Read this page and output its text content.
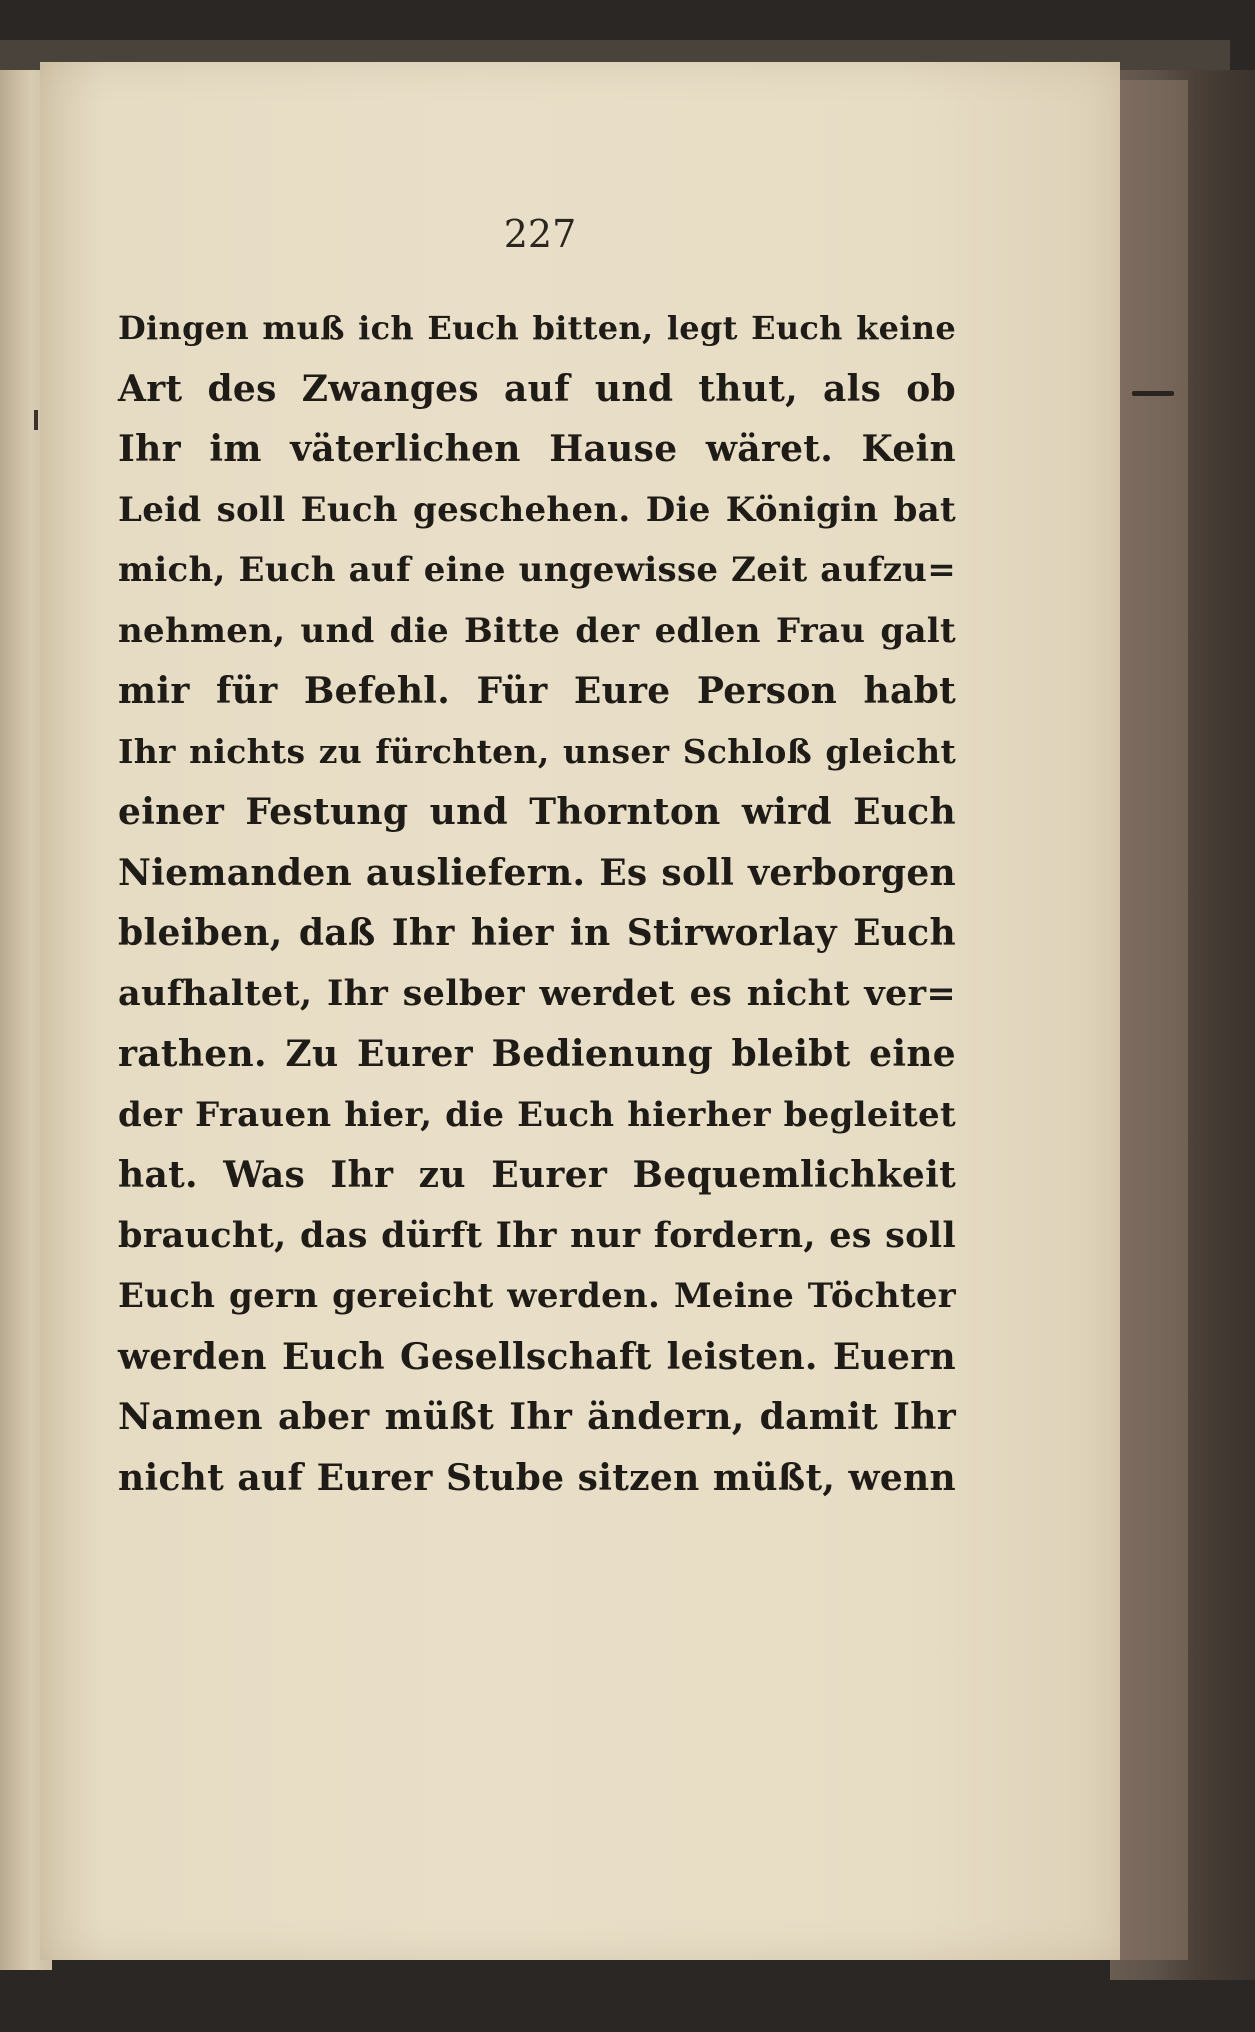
227
Dingen muß ich Euch bitten, legt Euch keine
Art des Zwanges auf und thut, als ob
Ihr im väterlichen Hause wäret. Kein
Leid soll Euch geschehen. Die Königin bat
mich, Euch auf eine ungewisse Zeit aufzu=
nehmen, und die Bitte der edlen Frau galt
mir für Befehl. Für Eure Person habt
Ihr nichts zu fürchten, unser Schloß gleicht
einer Festung und Thornton wird Euch
Niemanden ausliefern. Es soll verborgen
bleiben, daß Ihr hier in Stirworlay Euch
aufhaltet, Ihr selber werdet es nicht ver=
rathen. Zu Eurer Bedienung bleibt eine
der Frauen hier, die Euch hierher begleitet
hat. Was Ihr zu Eurer Bequemlichkeit
braucht, das dürft Ihr nur fordern, es soll
Euch gern gereicht werden. Meine Töchter
werden Euch Gesellschaft leisten. Euern
Namen aber müßt Ihr ändern, damit Ihr
nicht auf Eurer Stube sitzen müßt, wenn
